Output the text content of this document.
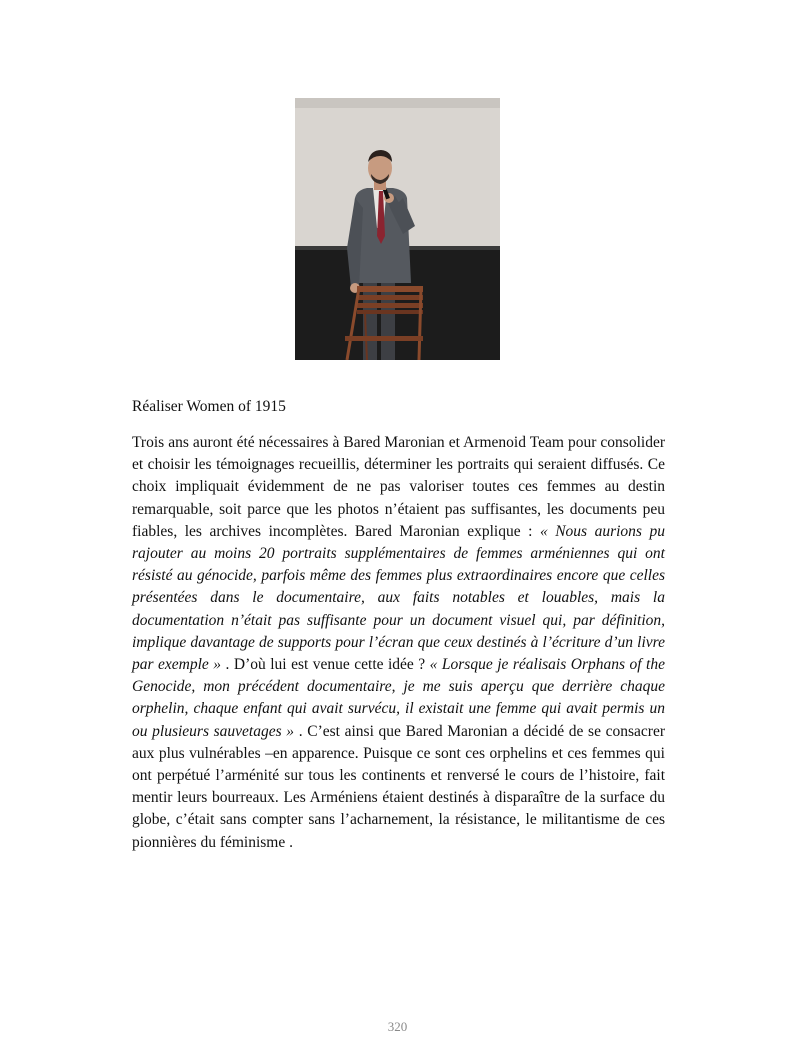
Réaliser Women of 1915

Trois ans auront été nécessaires à Bared Maronian et Armenoid Team pour consolider et choisir les témoignages recueillis, déterminer les portraits qui seraient diffusés. Ce choix impliquait évidemment de ne pas valoriser toutes ces femmes au destin remarquable, soit parce que les photos n’étaient pas suffisantes, les documents peu fiables, les archives incomplètes. Bared Maronian explique : « Nous aurions pu rajouter au moins 20 portraits supplémentaires de femmes arméniennes qui ont résisté au génocide, parfois même des femmes plus extraordinaires encore que celles présentées dans le documentaire, aux faits notables et louables, mais la documentation n’était pas suffisante pour un document visuel qui, par définition, implique davantage de supports pour l’écran que ceux destinés à l’écriture d’un livre par exemple » . D’où lui est venue cette idée ? « Lorsque je réalisais Orphans of the Genocide, mon précédent documentaire, je me suis aperçu que derrière chaque orphelin, chaque enfant qui avait survécu, il existait une femme qui avait permis un ou plusieurs sauvetages » . C’est ainsi que Bared Maronian a décidé de se consacrer aux plus vulnérables –en apparence. Puisque ce sont ces orphelins et ces femmes qui ont perpétué l’arménité sur tous les continents et renversé le cours de l’histoire, fait mentir leurs bourreaux. Les Arméniens étaient destinés à disparaître de la surface du globe, c’était sans compter sans l’acharnement, la résistance, le militantisme de ces pionnières du féminisme .

320
